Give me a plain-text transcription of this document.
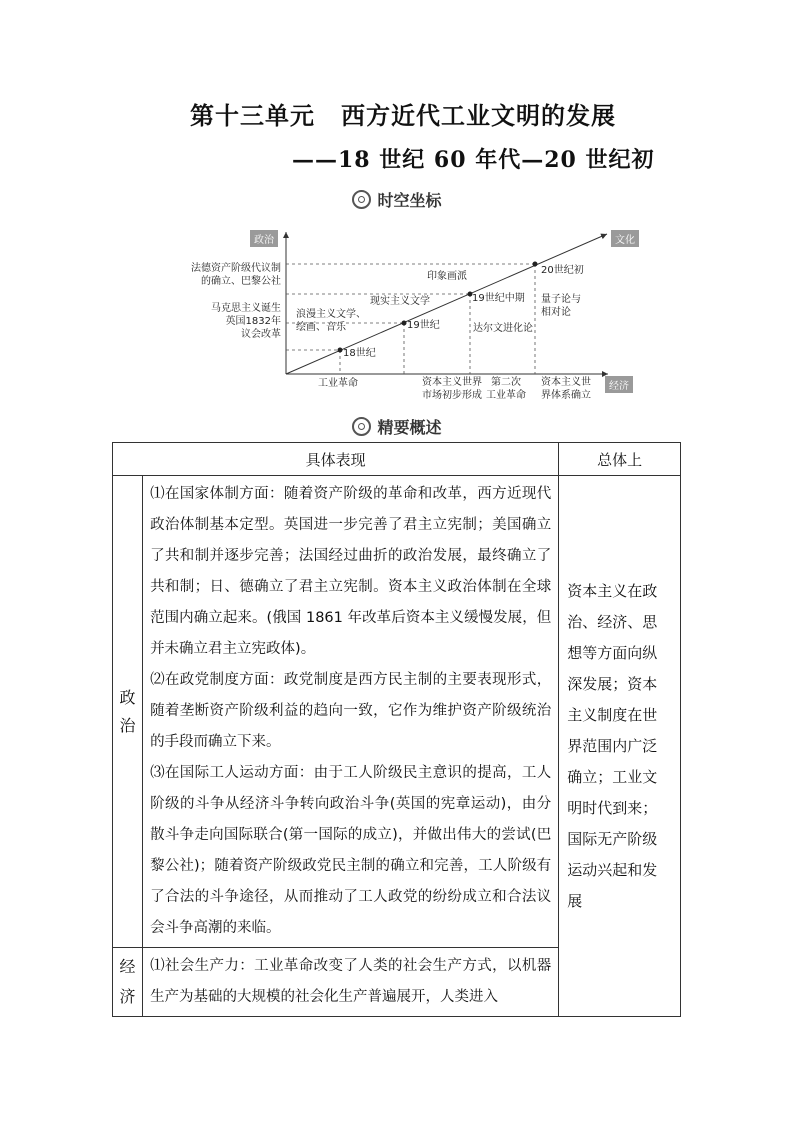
第十三单元 西方近代工业文明的发展
——18 世纪 60 年代—20 世纪初
时空坐标
政治	文化
经济
法德资产阶级代议制
的确立、巴黎公社
马克思主义诞生
英国1832年
议会改革
浪漫主义文学、
绘画、音乐
现实主义文学
印象画派
达尔文进化论
量子论与
相对论
18世纪
19世纪
19世纪中期
20世纪初
工业革命	资本主义世界
市场初步形成
第二次
工业革命
资本主义世
界体系确立
精要概述
具体表现		总体上
政治	⑴在国家体制方面：随着资产阶级的革命和改革，西方近现代政治体制基本定型。英国进一步完善了君主立宪制；美国确立了共和制并逐步完善；法国经过曲折的政治发展，最终确立了共和制；日、德确立了君主立宪制。资本主义政治体制在全球范围内确立起来。(俄国 1861 年改革后资本主义缓慢发展，但并未确立君主立宪政体)。
⑵在政党制度方面：政党制度是西方民主制的主要表现形式，随着垄断资产阶级利益的趋向一致，它作为维护资产阶级统治的手段而确立下来。
⑶在国际工人运动方面：由于工人阶级民主意识的提高，工人阶级的斗争从经济斗争转向政治斗争(英国的宪章运动)，由分散斗争走向国际联合(第一国际的成立)，并做出伟大的尝试(巴黎公社)；随着资产阶级政党民主制的确立和完善，工人阶级有了合法的斗争途径，从而推动了工人政党的纷纷成立和合法议会斗争高潮的来临。	资本主义在政治、经济、思想等方面向纵深发展；资本主义制度在世界范围内广泛确立；工业文明时代到来；国际无产阶级运动兴起和发展
经济	⑴社会生产力：工业革命改变了人类的社会生产方式，以机器生产为基础的大规模的社会化生产普遍展开，人类进入	
